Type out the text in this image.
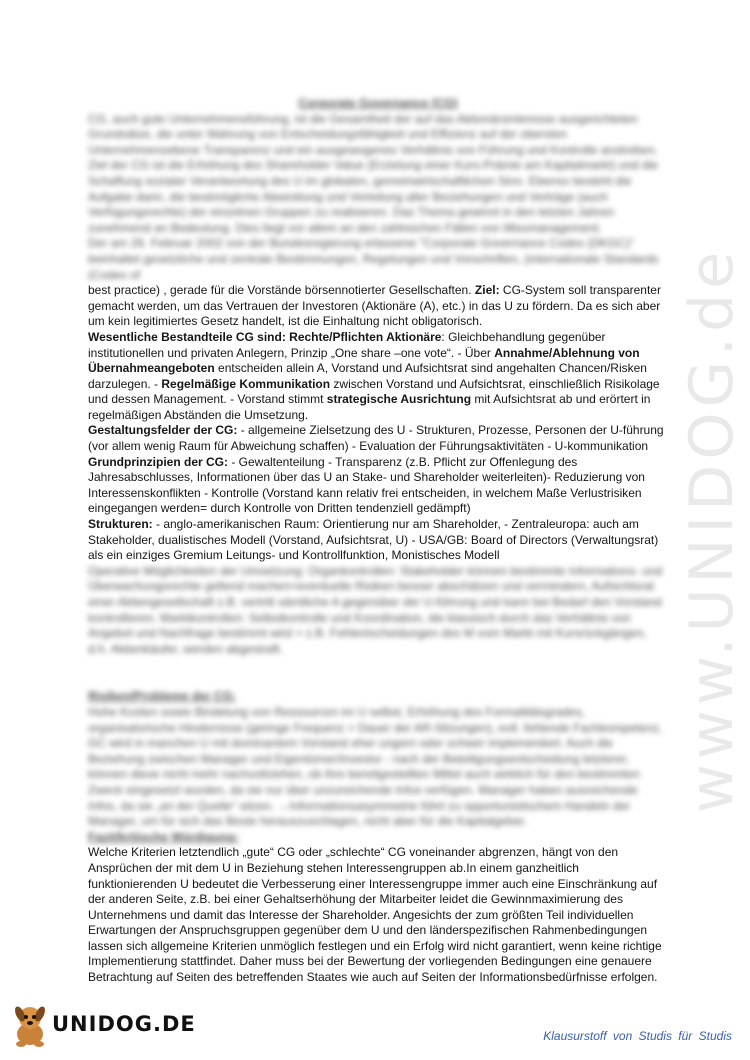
www.UNIDOG.de

Corporate Governance (CG)

CG, auch gute Unternehmensführung, ist die Gesamtheit der auf das Aktionärsinteresse ausgerichteten Grundsätze, die unter Wahrung von Entscheidungsfähigkeit und Effizienz auf der obersten Unternehmensebene Transparenz und ein ausgewogenes Verhältnis von Führung und Kontrolle anstreben.

Ziel der CG ist die Erhöhung des Shareholder Value (Erzielung einer Kurs-Prämie am Kapitalmarkt) und die Schaffung sozialer Verantwortung des U im globalen, gemeinwirtschaftlichen Sinn. Ebenso besteht die Aufgabe darin, die bestmögliche Abwicklung und Verteilung aller Beziehungen und Verträge (auch Verfügungsrechte) der einzelnen Gruppen zu realisieren. Das Thema gewinnt in den letzten Jahren zunehmend an Bedeutung. Dies liegt vor allem an den zahlreichen Fällen von Missmanagement.

Der am 26. Februar 2002 von der Bundesregierung erlassene "Corporate Governance Codex (DKGC)" beinhaltet gesetzliche und zentrale Bestimmungen, Regelungen und Vorschriften, (internationale Standards (Codes of

best practice) , gerade für die Vorstände börsennotierter Gesellschaften. Ziel: CG-System soll transparenter gemacht werden, um das Vertrauen der Investoren (Aktionäre (A), etc.) in das U zu fördern. Da es sich aber um kein legitimiertes Gesetz handelt, ist die Einhaltung nicht obligatorisch.

Wesentliche Bestandteile CG sind: Rechte/Pflichten Aktionäre: Gleichbehandlung gegenüber institutionellen und privaten Anlegern, Prinzip „One share –one vote“. - Über Annahme/Ablehnung von Übernahmeangeboten entscheiden allein A, Vorstand und Aufsichtsrat sind angehalten Chancen/Risken darzulegen. - Regelmäßige Kommunikation zwischen Vorstand und Aufsichtsrat, einschließlich Risikolage und dessen Management. - Vorstand stimmt strategische Ausrichtung mit Aufsichtsrat ab und erörtert in regelmäßigen Abständen die Umsetzung.

Gestaltungsfelder der CG: - allgemeine Zielsetzung des U - Strukturen, Prozesse, Personen der U-führung (vor allem wenig Raum für Abweichung schaffen) - Evaluation der Führungsaktivitäten - U-kommunikation

Grundprinzipien der CG: - Gewaltenteilung - Transparenz (z.B. Pflicht zur Offenlegung des Jahresabschlusses, Informationen über das U an Stake- und Shareholder weiterleiten)- Reduzierung von Interessenskonflikten - Kontrolle (Vorstand kann relativ frei entscheiden, in welchem Maße Verlustrisiken eingegangen werden= durch Kontrolle von Dritten tendenziell gedämpft)

Strukturen: - anglo-amerikanischen Raum: Orientierung nur am Shareholder, - Zentraleuropa: auch am Stakeholder, dualistisches Modell (Vorstand, Aufsichtsrat, U) - USA/GB: Board of Directors (Verwaltungsrat) als ein einziges Gremium Leitungs- und Kontrollfunktion, Monistisches Modell

Operative Möglichkeiten der Umsetzung: Organkontrollen: Stakeholder können bestimmte Informations- und Überwachungsrechte geltend machen=eventuelle Risiken besser abschätzen und vermindern, Aufsichtsrat einer Aktiengesellschaft z.B. vertritt sämtliche A gegenüber der U-führung und kann bei Bedarf den Vorstand kontrollieren. Marktkontrollen: Selbstkontrolle und Koordination, die klassisch durch das Verhältnis von Angebot und Nachfrage bestimmt wird = z.B. Fehlentscheidungen des M vom Markt mit Kursrückgängen, d.h. Aktienkäufer, werden abgestraft.

Risiken/Probleme der CG:

Hohe Kosten sowie Bindelung von Ressourcen im U selbst, Erhöhung des Formalitätsgrades, organisatorische Hindernisse (geringe Frequenz = Dauer der AR-Sitzungen), evtl. fehlende Fachkompetenz, GC wird in manchen U mit dominantem Vorstand eher ungern oder schwer implementiert. Auch die Beziehung zwischen Manager und Eigentümer/Investor - nach der Beteiligungsentscheidung letzterer, können diese nicht mehr nachvollziehen, ob ihre bereitgestellten Mittel auch wirklich für den bestimmten Zweck eingesetzt wurden, da sie nur über unzureichende Infos verfügen. Manager haben ausreichende Infos, da sie „an der Quelle“ sitzen. →Informationsasymmetrie führt zu opportunistischem Handeln der Manager, um für sich das Beste herauszuschlagen, nicht aber für die Kapitalgeber.

Fazit/kritische Würdigung:

Welche Kriterien letztendlich „gute“ CG oder „schlechte“ CG voneinander abgrenzen, hängt von den Ansprüchen der mit dem U in Beziehung stehen Interessengruppen ab.In einem ganzheitlich funktionierenden U bedeutet die Verbesserung einer Interessengruppe immer auch eine Einschränkung auf der anderen Seite, z.B. bei einer Gehaltserhöhung der Mitarbeiter leidet die Gewinnmaximierung des Unternehmens und damit das Interesse der Shareholder. Angesichts der zum größten Teil individuellen Erwartungen der Anspruchsgruppen gegenüber dem U und den länderspezifischen Rahmenbedingungen lassen sich allgemeine Kriterien unmöglich festlegen und ein Erfolg wird nicht garantiert, wenn keine richtige Implementierung stattfindet. Daher muss bei der Bewertung der vorliegenden Bedingungen eine genauere Betrachtung auf Seiten des betreffenden Staates wie auch auf Seiten der Informationsbedürfnisse erfolgen.

UNIDOG.DE	Klausurstoff von Studis für Studis
